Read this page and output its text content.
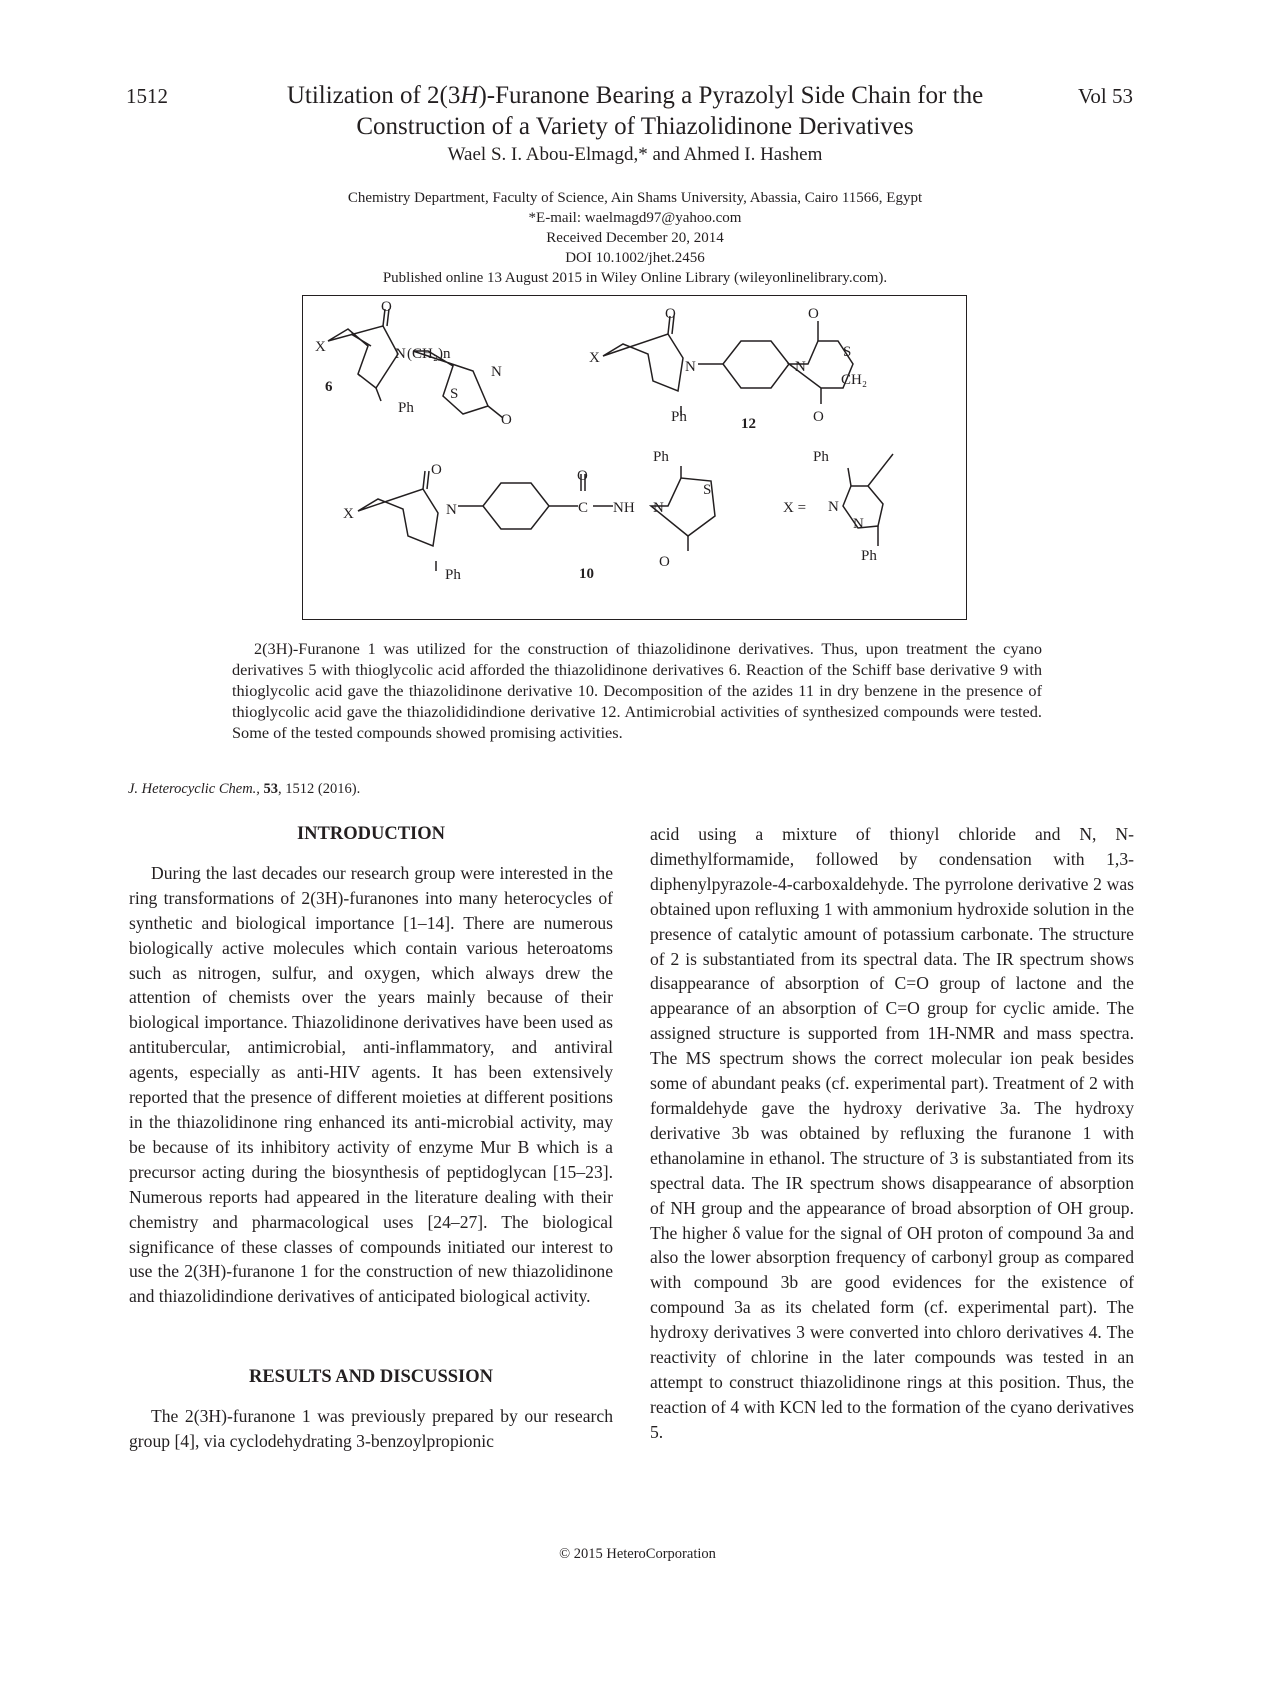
1512	Vol 53
Utilization of 2(3H)-Furanone Bearing a Pyrazolyl Side Chain for the
Construction of a Variety of Thiazolidinone Derivatives
Wael S. I. Abou-Elmagd,* and Ahmed I. Hashem
Chemistry Department, Faculty of Science, Ain Shams University, Abassia, Cairo 11566, Egypt
*E-mail: waelmagd97@yahoo.com
Received December 20, 2014
DOI 10.1002/jhet.2456
Published online 13 August 2015 in Wiley Online Library (wileyonlinelibrary.com).
X
O
N (CH₂)n
N
S
O
Ph
6
X
O
N
Ph
O
N
S
CH₂
O
12
X
O
N
Ph
O
C NH N
Ph
S
O
10
Ph
X = N
N
Ph
2(3H)-Furanone 1 was utilized for the construction of thiazolidinone derivatives. Thus, upon treatment the cyano derivatives 5 with thioglycolic acid afforded the thiazolidinone derivatives 6. Reaction of the Schiff base derivative 9 with thioglycolic acid gave the thiazolidinone derivative 10. Decomposition of the azides 11 in dry benzene in the presence of thioglycolic acid gave the thiazolididindione derivative 12. Antimicrobial activities of synthesized compounds were tested. Some of the tested compounds showed promising activities.
J. Heterocyclic Chem., 53, 1512 (2016).
INTRODUCTION

During the last decades our research group were interested in the ring transformations of 2(3H)-furanones into many heterocycles of synthetic and biological importance [1–14]. There are numerous biologically active molecules which contain various heteroatoms such as nitrogen, sulfur, and oxygen, which always drew the attention of chemists over the years mainly because of their biological importance. Thiazolidinone derivatives have been used as antitubercular, antimicrobial, anti-inflammatory, and antiviral agents, especially as anti-HIV agents. It has been extensively reported that the presence of different moieties at different positions in the thiazolidinone ring enhanced its anti-microbial activity, may be because of its inhibitory activity of enzyme Mur B which is a precursor acting during the biosynthesis of peptidoglycan [15–23]. Numerous reports had appeared in the literature dealing with their chemistry and pharmacological uses [24–27]. The biological significance of these classes of compounds initiated our interest to use the 2(3H)-furanone 1 for the construction of new thiazolidinone and thiazolidindione derivatives of anticipated biological activity.

RESULTS AND DISCUSSION

The 2(3H)-furanone 1 was previously prepared by our research group [4], via cyclodehydrating 3-benzoylpropionic

acid using a mixture of thionyl chloride and N, N-dimethylformamide, followed by condensation with 1,3-diphenylpyrazole-4-carboxaldehyde. The pyrrolone derivative 2 was obtained upon refluxing 1 with ammonium hydroxide solution in the presence of catalytic amount of potassium carbonate. The structure of 2 is substantiated from its spectral data. The IR spectrum shows disappearance of absorption of C=O group of lactone and the appearance of an absorption of C=O group for cyclic amide. The assigned structure is supported from 1H-NMR and mass spectra. The MS spectrum shows the correct molecular ion peak besides some of abundant peaks (cf. experimental part). Treatment of 2 with formaldehyde gave the hydroxy derivative 3a. The hydroxy derivative 3b was obtained by refluxing the furanone 1 with ethanolamine in ethanol. The structure of 3 is substantiated from its spectral data. The IR spectrum shows disappearance of absorption of NH group and the appearance of broad absorption of OH group. The higher δ value for the signal of OH proton of compound 3a and also the lower absorption frequency of carbonyl group as compared with compound 3b are good evidences for the existence of compound 3a as its chelated form (cf. experimental part). The hydroxy derivatives 3 were converted into chloro derivatives 4. The reactivity of chlorine in the later compounds was tested in an attempt to construct thiazolidinone rings at this position. Thus, the reaction of 4 with KCN led to the formation of the cyano derivatives 5.

© 2015 HeteroCorporation
